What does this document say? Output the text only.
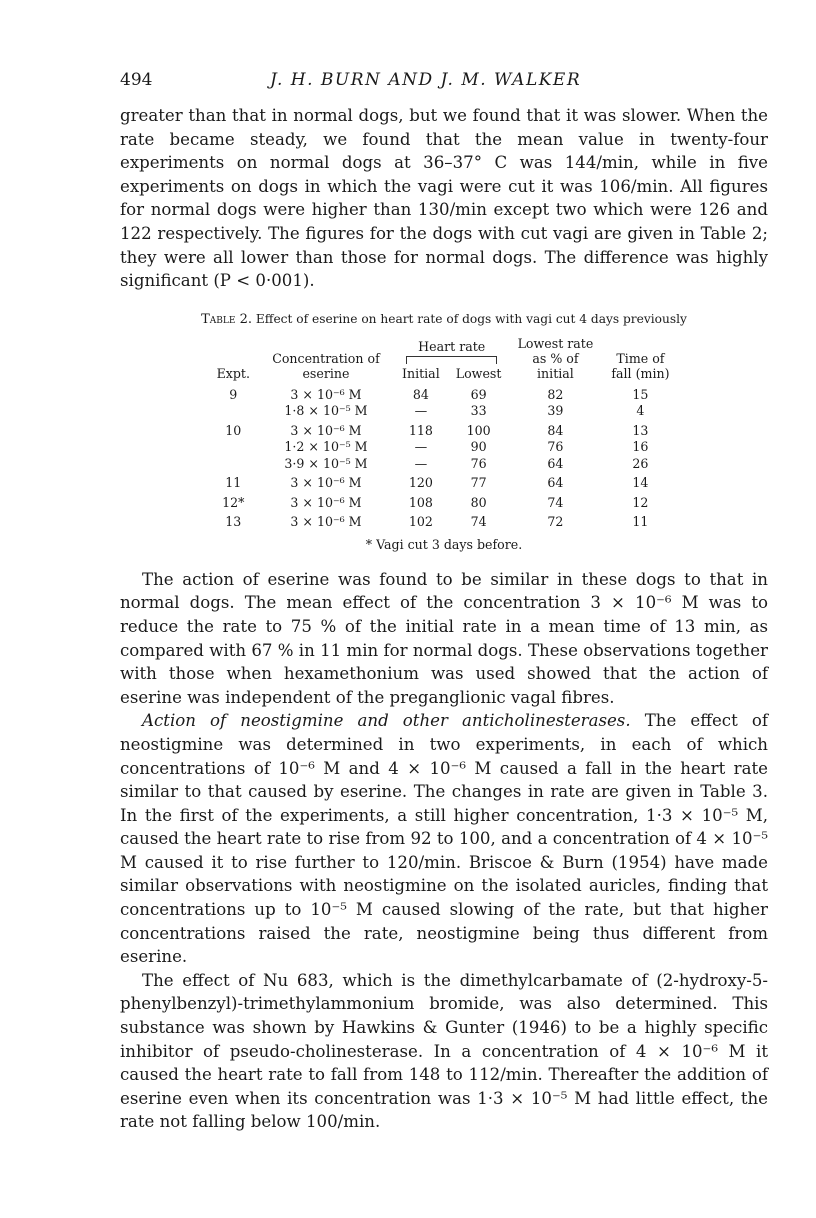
494	J. H. BURN AND J. M. WALKER

greater than that in normal dogs, but we found that it was slower. When the rate became steady, we found that the mean value in twenty-four experiments on normal dogs at 36–37° C was 144/min, while in five experiments on dogs in which the vagi were cut it was 106/min. All figures for normal dogs were higher than 130/min except two which were 126 and 122 respectively. The figures for the dogs with cut vagi are given in Table 2; they were all lower than those for normal dogs. The difference was highly significant (P < 0·001).

Table 2. Effect of eserine on heart rate of dogs with vagi cut 4 days previously
Expt.	Concentration of eserine	Heart rate		Lowest rate as % of initial	Time of fall (min)
		Initial	Lowest		

9	3 × 10⁻⁶ M	84	69	82	15
	1·8 × 10⁻⁵ M	—	33	39	4
10	3 × 10⁻⁶ M	118	100	84	13
	1·2 × 10⁻⁵ M	—	90	76	16
	3·9 × 10⁻⁵ M	—	76	64	26
11	3 × 10⁻⁶ M	120	77	64	14
12*	3 × 10⁻⁶ M	108	80	74	12
13	3 × 10⁻⁶ M	102	74	72	11
* Vagi cut 3 days before.

The action of eserine was found to be similar in these dogs to that in normal dogs. The mean effect of the concentration 3 × 10⁻⁶ M was to reduce the rate to 75 % of the initial rate in a mean time of 13 min, as compared with 67 % in 11 min for normal dogs. These observations together with those when hexamethonium was used showed that the action of eserine was independent of the preganglionic vagal fibres.

Action of neostigmine and other anticholinesterases. The effect of neostigmine was determined in two experiments, in each of which concentrations of 10⁻⁶ M and 4 × 10⁻⁶ M caused a fall in the heart rate similar to that caused by eserine. The changes in rate are given in Table 3. In the first of the experiments, a still higher concentration, 1·3 × 10⁻⁵ M, caused the heart rate to rise from 92 to 100, and a concentration of 4 × 10⁻⁵ M caused it to rise further to 120/min. Briscoe & Burn (1954) have made similar observations with neostigmine on the isolated auricles, finding that concentrations up to 10⁻⁵ M caused slowing of the rate, but that higher concentrations raised the rate, neostigmine being thus different from eserine.

The effect of Nu 683, which is the dimethylcarbamate of (2-hydroxy-5-phenylbenzyl)-trimethylammonium bromide, was also determined. This substance was shown by Hawkins & Gunter (1946) to be a highly specific inhibitor of pseudo-cholinesterase. In a concentration of 4 × 10⁻⁶ M it caused the heart rate to fall from 148 to 112/min. Thereafter the addition of eserine even when its concentration was 1·3 × 10⁻⁵ M had little effect, the rate not falling below 100/min.
